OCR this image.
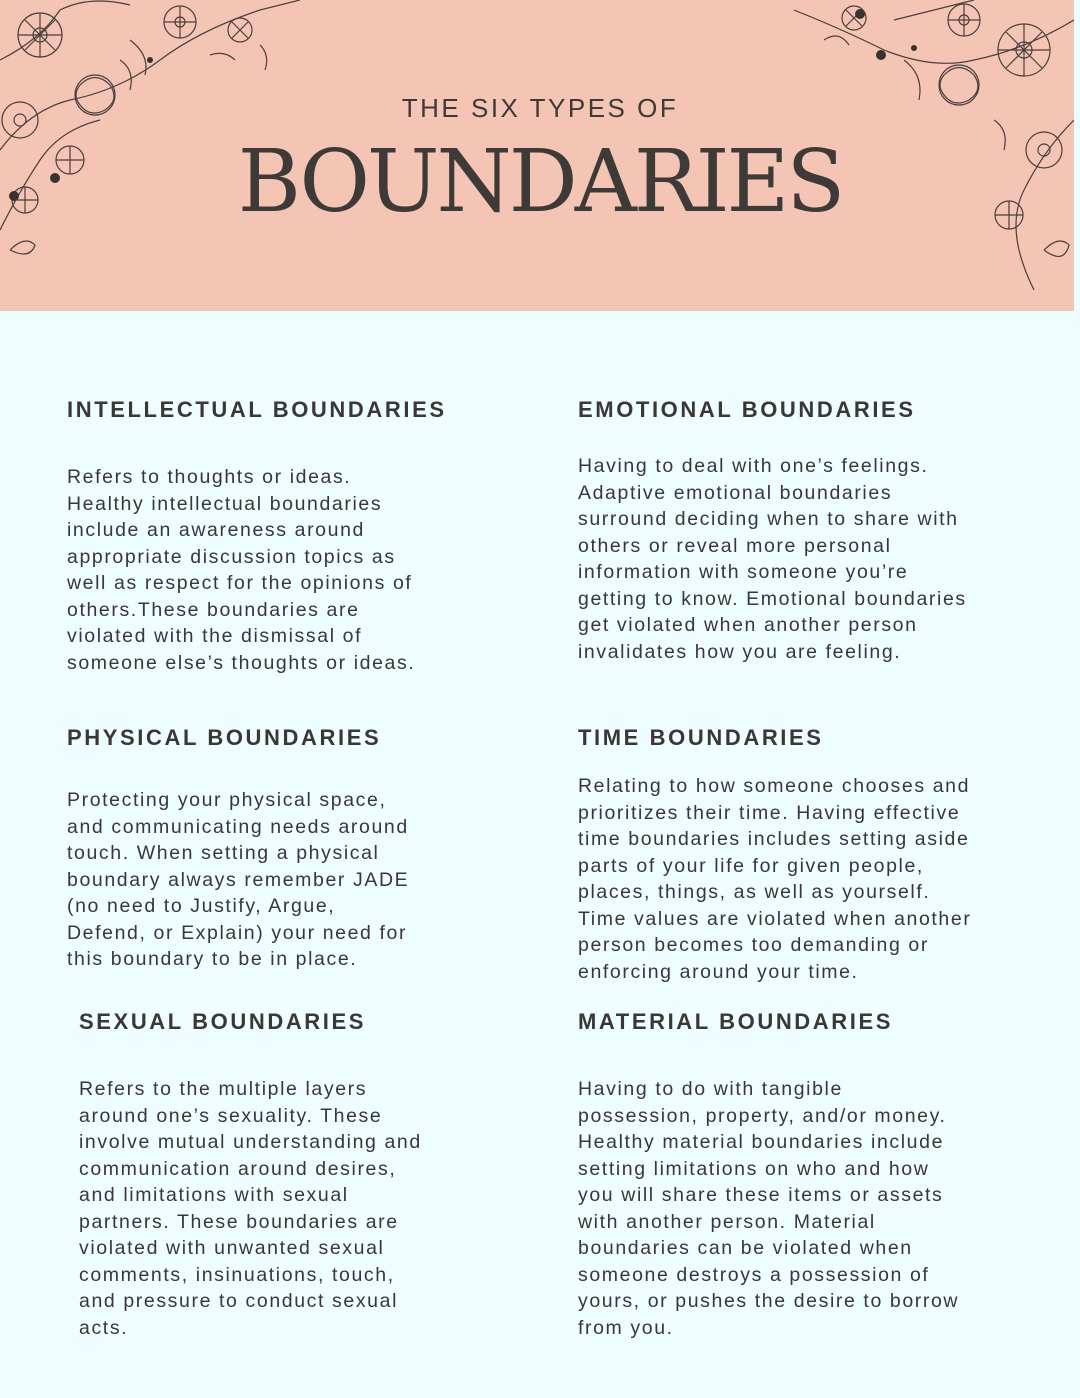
THE SIX TYPES OF
BOUNDARIES
INTELLECTUAL BOUNDARIES

Refers to thoughts or ideas.
Healthy intellectual boundaries
include an awareness around
appropriate discussion topics as
well as respect for the opinions of
others.These boundaries are
violated with the dismissal of
someone else’s thoughts or ideas.

EMOTIONAL BOUNDARIES

Having to deal with one’s feelings.
Adaptive emotional boundaries
surround deciding when to share with
others or reveal more personal
information with someone you’re
getting to know. Emotional boundaries
get violated when another person
invalidates how you are feeling.

PHYSICAL BOUNDARIES

Protecting your physical space,
and communicating needs around
touch. When setting a physical
boundary always remember JADE
(no need to Justify, Argue,
Defend, or Explain) your need for
this boundary to be in place.

TIME BOUNDARIES

Relating to how someone chooses and
prioritizes their time. Having effective
time boundaries includes setting aside
parts of your life for given people,
places, things, as well as yourself.
Time values are violated when another
person becomes too demanding or
enforcing around your time.

SEXUAL BOUNDARIES

Refers to the multiple layers
around one’s sexuality. These
involve mutual understanding and
communication around desires,
and limitations with sexual
partners. These boundaries are
violated with unwanted sexual
comments, insinuations, touch,
and pressure to conduct sexual
acts.

MATERIAL BOUNDARIES

Having to do with tangible
possession, property, and/or money.
Healthy material boundaries include
setting limitations on who and how
you will share these items or assets
with another person. Material
boundaries can be violated when
someone destroys a possession of
yours, or pushes the desire to borrow
from you.
